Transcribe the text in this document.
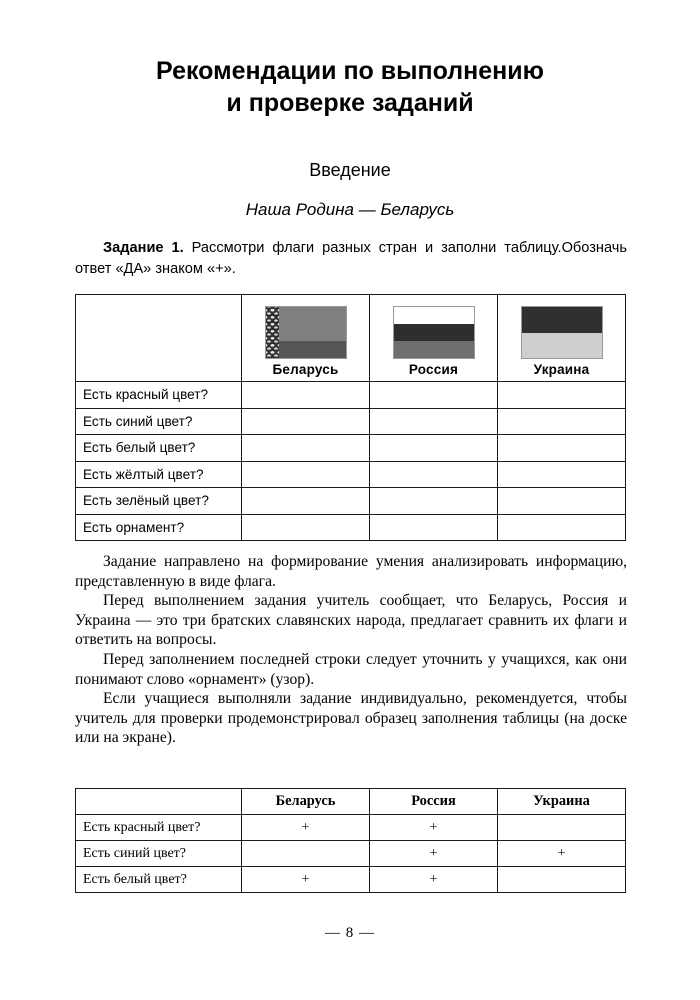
Рекомендации по выполнению
и проверке заданий
Введение
Наша Родина — Беларусь
Задание 1. Рассмотри флаги разных стран и заполни таблицу.Обозначь ответ «ДА» знаком «+».

	Беларусь	Россия	Украина

Есть красный цвет?			
Есть синий цвет?			
Есть белый цвет?			
Есть жёлтый цвет?			
Есть зелёный цвет?			
Есть орнамент?			

Задание направлено на формирование умения анализировать информацию, представленную в виде флага.

Перед выполнением задания учитель сообщает, что Беларусь, Россия и Украина — это три братских славянских народа, предлагает сравнить их флаги и ответить на вопросы.

Перед заполнением последней строки следует уточнить у учащихся, как они понимают слово «орнамент» (узор).

Если учащиеся выполняли задание индивидуально, рекомендуется, чтобы учитель для проверки продемонстрировал образец заполнения таблицы (на доске или на экране).

	Беларусь	Россия	Украина
Есть красный цвет?	+	+	
Есть синий цвет?		+	+
Есть белый цвет?	+	+	
— 8 —
